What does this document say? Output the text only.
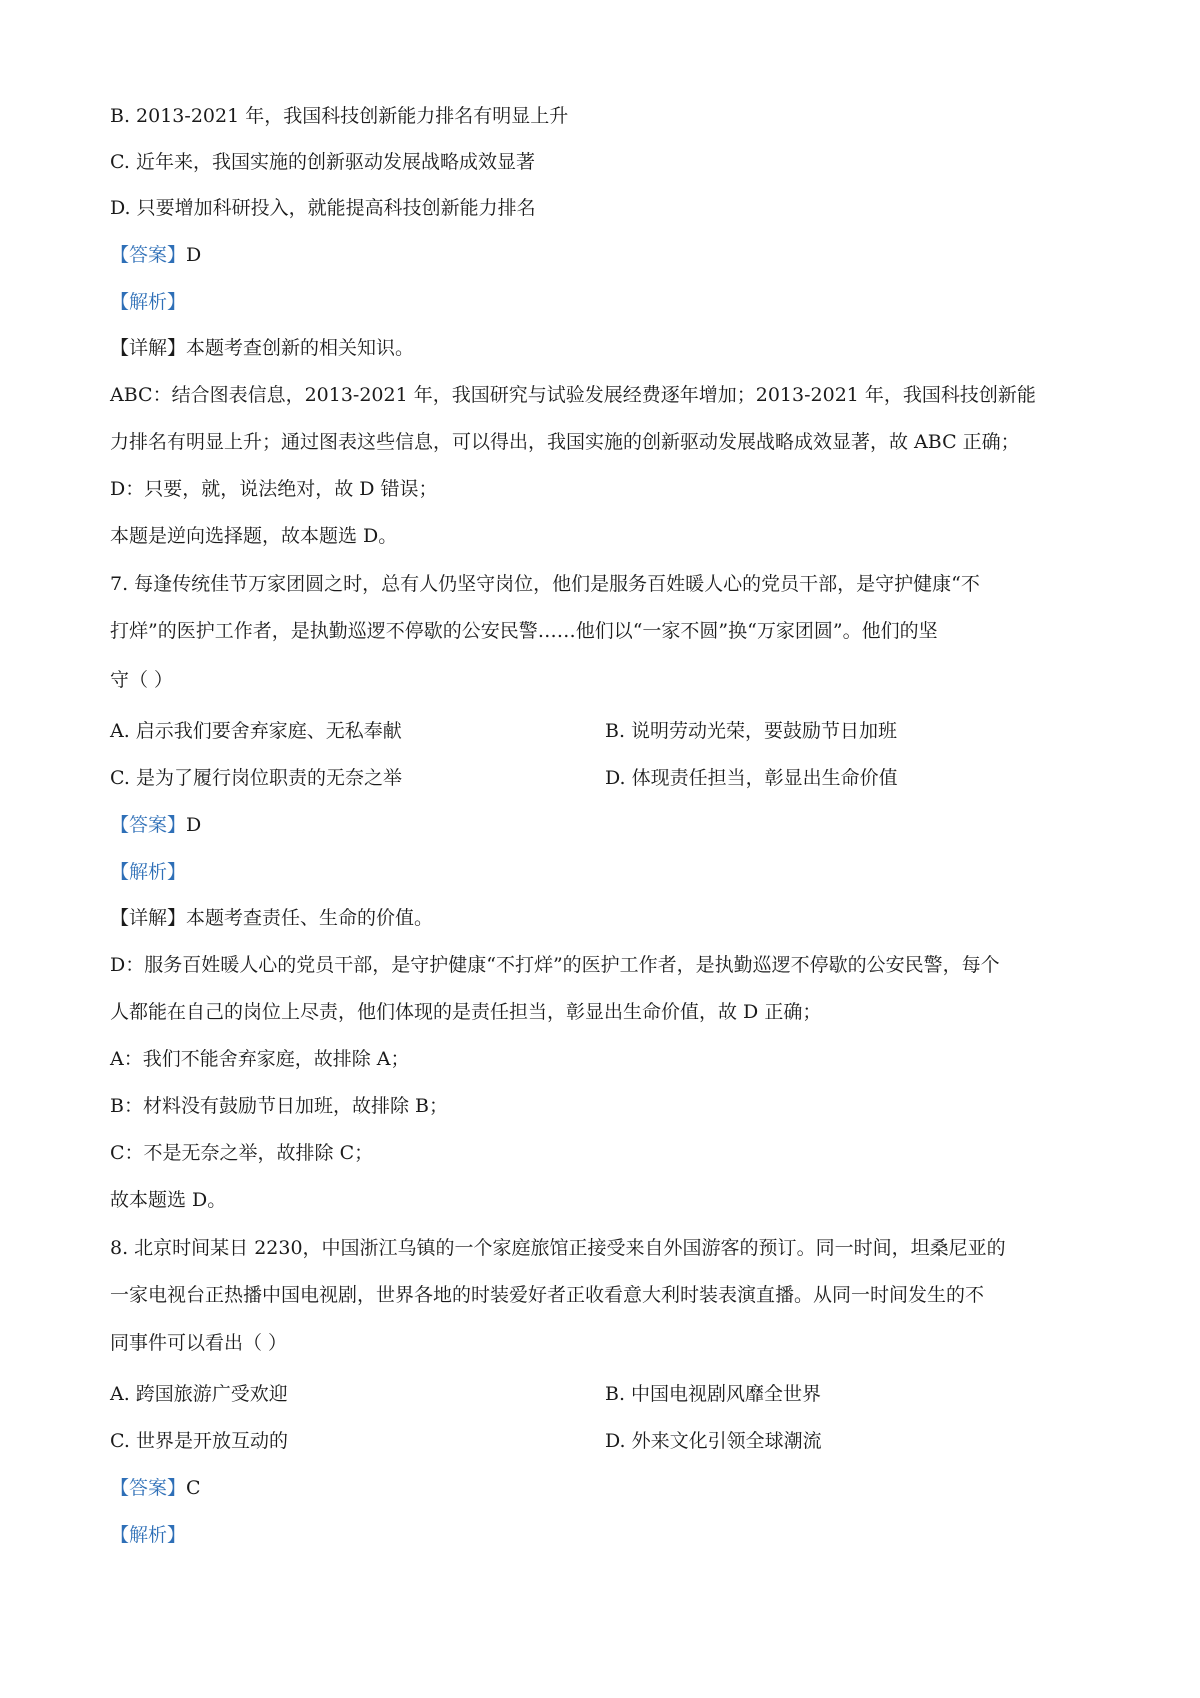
B. 2013-2021 年，我国科技创新能力排名有明显上升
C. 近年来，我国实施的创新驱动发展战略成效显著
D. 只要增加科研投入，就能提高科技创新能力排名
【答案】D
【解析】
【详解】本题考查创新的相关知识。
ABC：结合图表信息，2013-2021 年，我国研究与试验发展经费逐年增加；2013-2021 年，我国科技创新能
力排名有明显上升；通过图表这些信息，可以得出，我国实施的创新驱动发展战略成效显著，故 ABC 正确；
D：只要，就，说法绝对，故 D 错误；
本题是逆向选择题，故本题选 D。
7. 每逢传统佳节万家团圆之时，总有人仍坚守岗位，他们是服务百姓暖人心的党员干部，是守护健康“不
打烊”的医护工作者，是执勤巡逻不停歇的公安民警……他们以“一家不圆”换“万家团圆”。他们的坚
守（ ）
A. 启示我们要舍弃家庭、无私奉献	B. 说明劳动光荣，要鼓励节日加班
C. 是为了履行岗位职责的无奈之举	D. 体现责任担当，彰显出生命价值
【答案】D
【解析】
【详解】本题考查责任、生命的价值。
D：服务百姓暖人心的党员干部，是守护健康“不打烊”的医护工作者，是执勤巡逻不停歇的公安民警，每个
人都能在自己的岗位上尽责，他们体现的是责任担当，彰显出生命价值，故 D 正确；
A：我们不能舍弃家庭，故排除 A；
B：材料没有鼓励节日加班，故排除 B；
C：不是无奈之举，故排除 C；
故本题选 D。
8. 北京时间某日 2230，中国浙江乌镇的一个家庭旅馆正接受来自外国游客的预订。同一时间，坦桑尼亚的
一家电视台正热播中国电视剧，世界各地的时装爱好者正收看意大利时装表演直播。从同一时间发生的不
同事件可以看出（ ）
A. 跨国旅游广受欢迎	B. 中国电视剧风靡全世界
C. 世界是开放互动的	D. 外来文化引领全球潮流
【答案】C
【解析】
